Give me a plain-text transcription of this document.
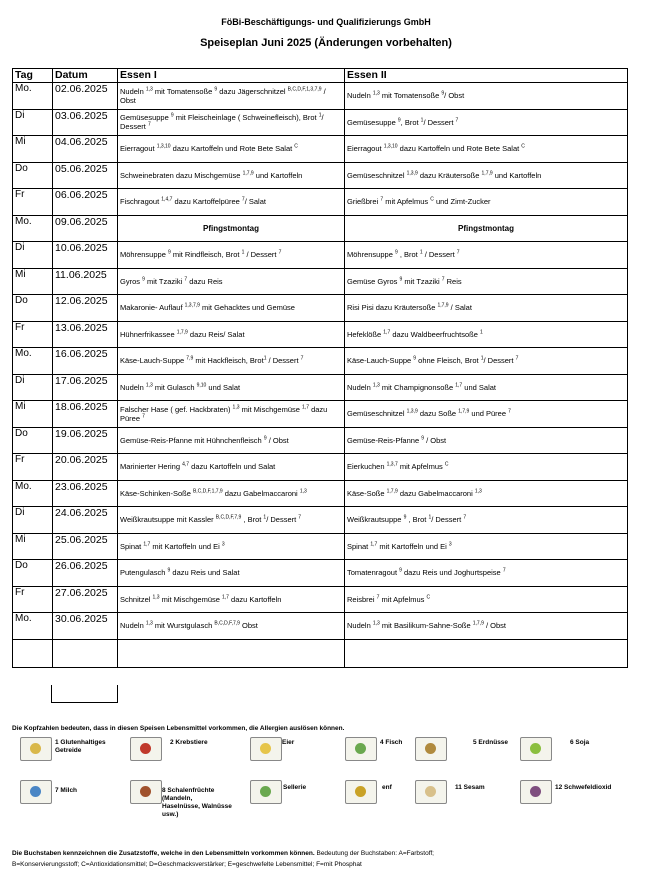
FöBi-Beschäftigungs- und Qualifizierungs GmbH
Speiseplan Juni 2025 (Änderungen vorbehalten)
Tag	Datum	Essen I	Essen II
Mo.	02.06.2025	Nudeln $^{1,3}$ mit Tomatensoße $^9$ dazu Jägerschnitzel $^{B,C,D,F,1,3,7,9}$ / Obst	Nudeln $^{1,3}$ mit Tomatensoße $^9$/ Obst
Di	03.06.2025	Gemüsesuppe $^9$ mit Fleischeinlage ( Schweinefleisch), Brot $^1$/ Dessert $^7$	Gemüsesuppe $^9$, Brot $^1$/ Dessert $^7$
Mi	04.06.2025	Eierragout $^{1,3,10}$ dazu Kartoffeln und Rote Bete Salat $^C$	Eierragout $^{1,3,10}$ dazu Kartoffeln und Rote Bete Salat $^C$
Do	05.06.2025	Schweinebraten dazu Mischgemüse $^{1,7,9}$ und Kartoffeln	Gemüseschnitzel $^{1,3,9}$ dazu Kräutersoße $^{1,7,9}$ und Kartoffeln
Fr	06.06.2025	Fischragout $^{1,4,7}$ dazu Kartoffelpüree $^7$/ Salat	Grießbrei $^7$ mit Apfelmus $^C$ und Zimt-Zucker
Mo.	09.06.2025	Pfingstmontag	Pfingstmontag
Di	10.06.2025	Möhrensuppe $^9$ mit Rindfleisch, Brot $^1$ / Dessert $^7$	Möhrensuppe $^9$ , Brot $^1$ / Dessert $^7$
Mi	11.06.2025	Gyros $^9$ mit Tzaziki $^7$ dazu Reis	Gemüse Gyros $^9$ mit Tzaziki $^7$ Reis
Do	12.06.2025	Makaronie- Auflauf $^{1,3,7,9}$ mit Gehacktes und Gemüse	Risi Pisi dazu Kräutersoße $^{1,7,9}$ / Salat
Fr	13.06.2025	Hühnerfrikassee $^{1,7,9}$ dazu Reis/ Salat	Hefeklöße $^{1,7}$ dazu Waldbeerfruchtsoße $^1$
Mo.	16.06.2025	Käse-Lauch-Suppe $^{7,9}$ mit Hackfleisch, Brot$^1$ / Dessert $^7$	Käse-Lauch-Suppe $^9$ ohne Fleisch, Brot $^1$/ Dessert $^7$
Di	17.06.2025	Nudeln $^{1,3}$ mit Gulasch $^{9,10}$ und Salat	Nudeln $^{1,3}$ mit Champignonsoße $^{1,7}$ und Salat
Mi	18.06.2025	Falscher Hase ( gef. Hackbraten) $^{1,3}$ mit Mischgemüse $^{1,7}$ dazu Püree $^7$	Gemüseschnitzel $^{1,3,9}$ dazu Soße $^{1,7,9}$ und Püree $^7$
Do	19.06.2025	Gemüse-Reis-Pfanne mit Hühnchenfleisch $^9$ / Obst	Gemüse-Reis-Pfanne $^9$ / Obst
Fr	20.06.2025	Marinierter Hering $^{4,7}$ dazu Kartoffeln und Salat	Eierkuchen $^{1,3,7}$ mit Apfelmus $^C$
Mo.	23.06.2025	Käse-Schinken-Soße $^{B,C,D,F,1,7,9}$ dazu Gabelmaccaroni $^{1,3}$	Käse-Soße $^{1,7,9}$ dazu Gabelmaccaroni $^{1,3}$
Di	24.06.2025	Weißkrautsuppe mit Kassler $^{B,C,D,F,7,9}$ , Brot $^1$/ Dessert $^7$	Weißkrautsuppe $^9$ , Brot $^1$/ Dessert $^7$
Mi	25.06.2025	Spinat $^{1,7}$ mit Kartoffeln und Ei $^3$	Spinat $^{1,7}$ mit Kartoffeln und Ei $^3$
Do	26.06.2025	Putengulasch $^9$ dazu Reis und Salat	Tomatenragout $^9$ dazu Reis und Joghurtspeise $^7$
Fr	27.06.2025	Schnitzel $^{1,3}$ mit Mischgemüse $^{1,7}$ dazu Kartoffeln	Reisbrei $^7$ mit Apfelmus $^C$
Mo.	30.06.2025	Nudeln $^{1,3}$ mit Wurstgulasch $^{B,C,D,F,7,9}$ Obst	Nudeln $^{1,3}$ mit Basilikum-Sahne-Soße $^{1,7,9}$ / Obst

Die Kopfzahlen bedeuten, dass in diesen Speisen Lebensmittel vorkommen, die Allergien auslösen können.
1 Glutenhaltiges Getreide
2 Krebstiere	Eier	4 Fisch	5 Erdnüsse	6 Soja
7 Milch	8 Schalenfrüchte (Mandeln, Haselnüsse, Walnüsse usw.)
Sellerie	enf	11 Sesam	12 Schwefeldioxid
Die Buchstaben kennzeichnen die Zusatzstoffe, welche in den Lebensmitteln vorkommen können. Bedeutung der Buchstaben: A=Farbstoff;
B=Konservierungsstoff; C=Antioxidationsmittel; D=Geschmacksverstärker; E=geschwefelte Lebensmittel; F=mit Phosphat
